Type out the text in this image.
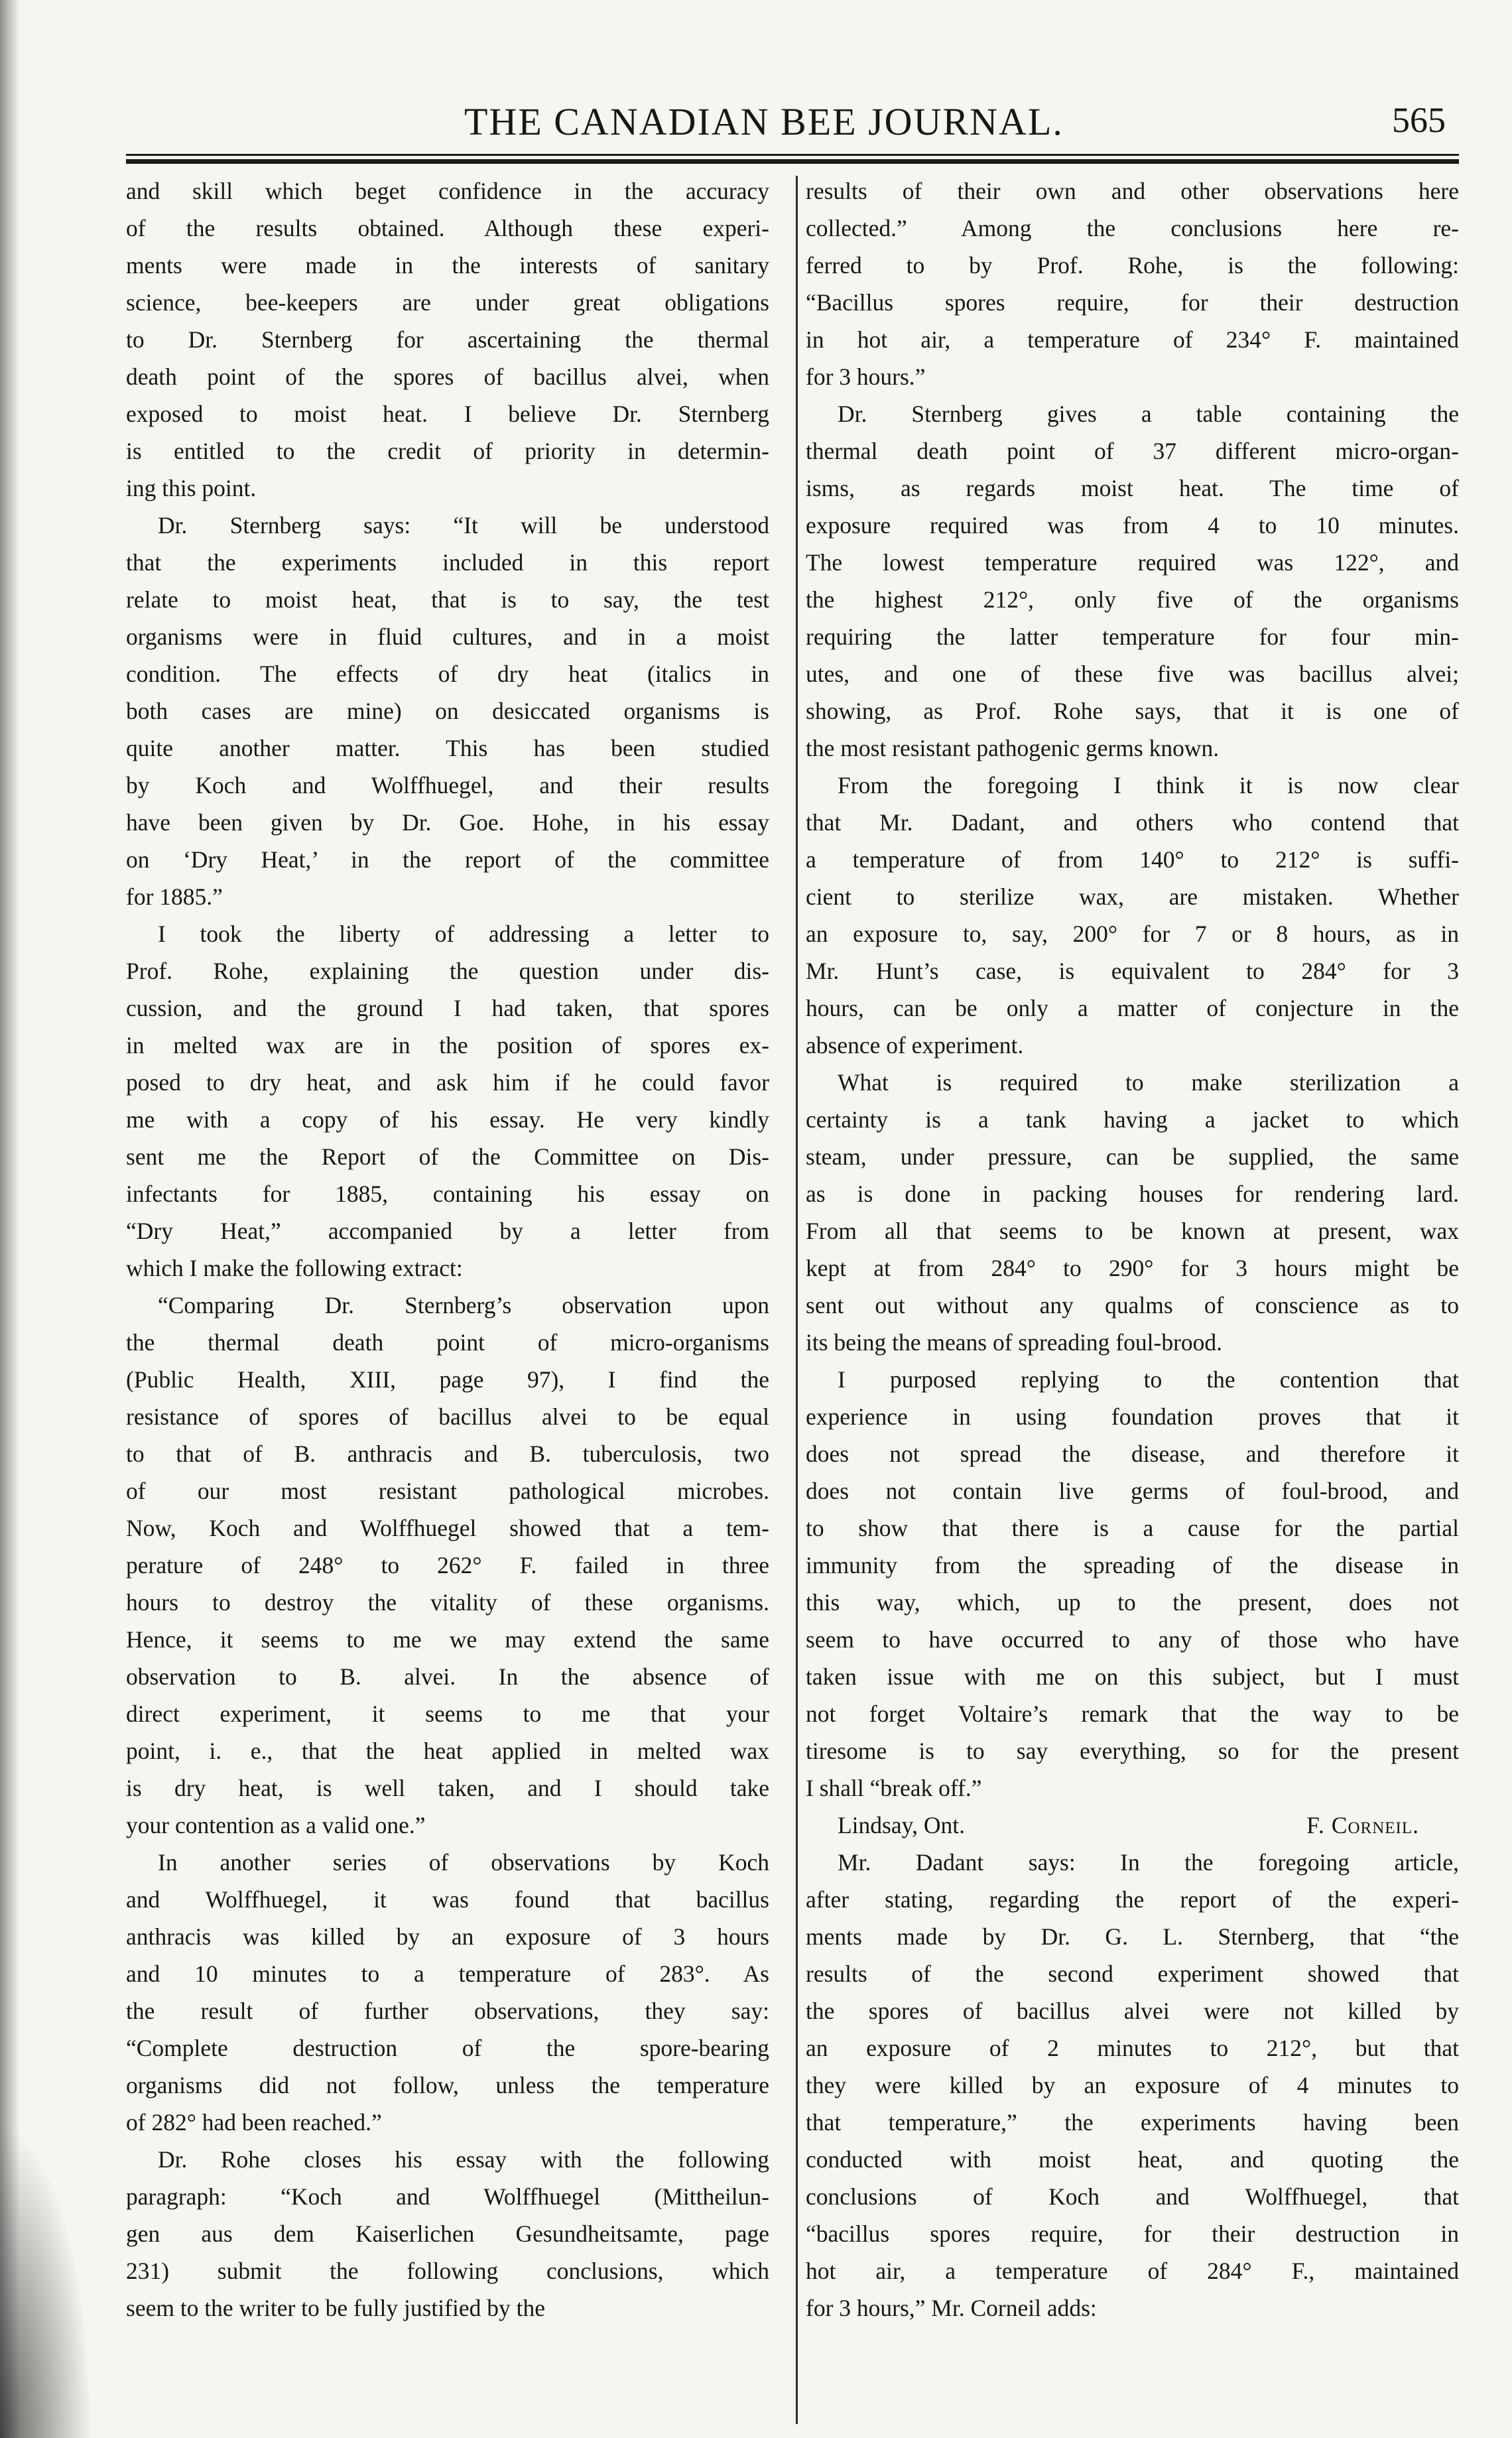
THE CANADIAN BEE JOURNAL.	565
and skill which beget confidence in the accuracy
of the results obtained. Although these experi-
ments were made in the interests of sanitary
science, bee-keepers are under great obligations
to Dr. Sternberg for ascertaining the thermal
death point of the spores of bacillus alvei, when
exposed to moist heat. I believe Dr. Sternberg
is entitled to the credit of priority in determin-
ing this point.
Dr. Sternberg says: “It will be understood
that the experiments included in this report
relate to moist heat, that is to say, the test
organisms were in fluid cultures, and in a moist
condition. The effects of dry heat (italics in
both cases are mine) on desiccated organisms is
quite another matter. This has been studied
by Koch and Wolffhuegel, and their results
have been given by Dr. Goe. Hohe, in his essay
on ‘Dry Heat,’ in the report of the committee
for 1885.”
I took the liberty of addressing a letter to
Prof. Rohe, explaining the question under dis-
cussion, and the ground I had taken, that spores
in melted wax are in the position of spores ex-
posed to dry heat, and ask him if he could favor
me with a copy of his essay. He very kindly
sent me the Report of the Committee on Dis-
infectants for 1885, containing his essay on
“Dry Heat,” accompanied by a letter from
which I make the following extract:
“Comparing Dr. Sternberg’s observation upon
the thermal death point of micro-organisms
(Public Health, XIII, page 97), I find the
resistance of spores of bacillus alvei to be equal
to that of B. anthracis and B. tuberculosis, two
of our most resistant pathological microbes.
Now, Koch and Wolffhuegel showed that a tem-
perature of 248° to 262° F. failed in three
hours to destroy the vitality of these organisms.
Hence, it seems to me we may extend the same
observation to B. alvei. In the absence of
direct experiment, it seems to me that your
point, i. e., that the heat applied in melted wax
is dry heat, is well taken, and I should take
your contention as a valid one.”
In another series of observations by Koch
and Wolffhuegel, it was found that bacillus
anthracis was killed by an exposure of 3 hours
and 10 minutes to a temperature of 283°. As
the result of further observations, they say:
“Complete destruction of the spore-bearing
organisms did not follow, unless the temperature
of 282° had been reached.”
Dr. Rohe closes his essay with the following
paragraph: “Koch and Wolffhuegel (Mittheilun-
gen aus dem Kaiserlichen Gesundheitsamte, page
231) submit the following conclusions, which
seem to the writer to be fully justified by the
results of their own and other observations here
collected.” Among the conclusions here re-
ferred to by Prof. Rohe, is the following:
“Bacillus spores require, for their destruction
in hot air, a temperature of 234° F. maintained
for 3 hours.”
Dr. Sternberg gives a table containing the
thermal death point of 37 different micro-organ-
isms, as regards moist heat. The time of
exposure required was from 4 to 10 minutes.
The lowest temperature required was 122°, and
the highest 212°, only five of the organisms
requiring the latter temperature for four min-
utes, and one of these five was bacillus alvei;
showing, as Prof. Rohe says, that it is one of
the most resistant pathogenic germs known.
From the foregoing I think it is now clear
that Mr. Dadant, and others who contend that
a temperature of from 140° to 212° is suffi-
cient to sterilize wax, are mistaken. Whether
an exposure to, say, 200° for 7 or 8 hours, as in
Mr. Hunt’s case, is equivalent to 284° for 3
hours, can be only a matter of conjecture in the
absence of experiment.
What is required to make sterilization a
certainty is a tank having a jacket to which
steam, under pressure, can be supplied, the same
as is done in packing houses for rendering lard.
From all that seems to be known at present, wax
kept at from 284° to 290° for 3 hours might be
sent out without any qualms of conscience as to
its being the means of spreading foul-brood.
I purposed replying to the contention that
experience in using foundation proves that it
does not spread the disease, and therefore it
does not contain live germs of foul-brood, and
to show that there is a cause for the partial
immunity from the spreading of the disease in
this way, which, up to the present, does not
seem to have occurred to any of those who have
taken issue with me on this subject, but I must
not forget Voltaire’s remark that the way to be
tiresome is to say everything, so for the present
I shall “break off.”
Lindsay, Ont.	F. Corneil.
Mr. Dadant says: In the foregoing article,
after stating, regarding the report of the experi-
ments made by Dr. G. L. Sternberg, that “the
results of the second experiment showed that
the spores of bacillus alvei were not killed by
an exposure of 2 minutes to 212°, but that
they were killed by an exposure of 4 minutes to
that temperature,” the experiments having been
conducted with moist heat, and quoting the
conclusions of Koch and Wolffhuegel, that
“bacillus spores require, for their destruction in
hot air, a temperature of 284° F., maintained
for 3 hours,” Mr. Corneil adds:
